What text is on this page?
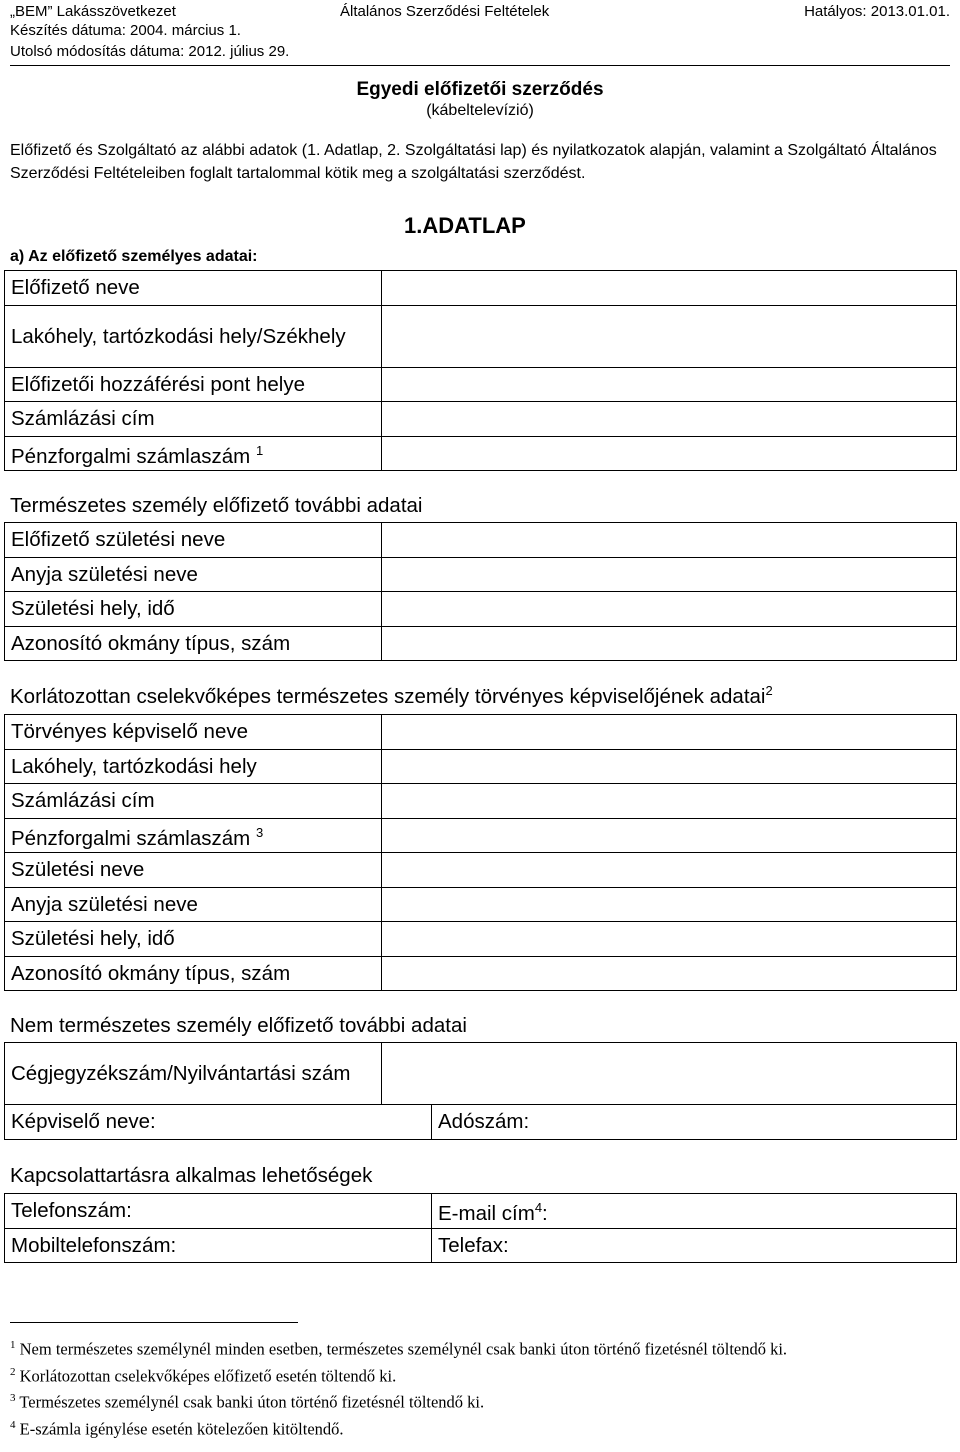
„BEM” Lakásszövetkezet	Általános Szerződési Feltételek	Hatályos: 2013.01.01.
Készítés dátuma: 2004. március 1.
Utolsó módosítás dátuma: 2012. július 29.
Egyedi előfizetői szerződés
(kábeltelevízió)
Előfizető és Szolgáltató az alábbi adatok (1. Adatlap, 2. Szolgáltatási lap) és nyilatkozatok alapján, valamint a Szolgáltató Általános Szerződési Feltételeiben foglalt tartalommal kötik meg a szolgáltatási szerződést.
1.ADATLAP
a) Az előfizető személyes adatai:
Előfizető neve	
Lakóhely, tartózkodási hely/Székhely	
Előfizetői hozzáférési pont helye	
Számlázási cím	
Pénzforgalmi számlaszám $^1$	
Természetes személy előfizető további adatai
Előfizető születési neve	
Anyja születési neve	
Születési hely, idő	
Azonosító okmány típus, szám	
Korlátozottan cselekvőképes természetes személy törvényes képviselőjének adatai$^2$
Törvényes képviselő neve	
Lakóhely, tartózkodási hely	
Számlázási cím	
Pénzforgalmi számlaszám $^3$	
Születési neve	
Anyja születési neve	
Születési hely, idő	
Azonosító okmány típus, szám	
Nem természetes személy előfizető további adatai
Cégjegyzékszám/Nyilvántartási szám		
Képviselő neve:		Adószám:
Kapcsolattartásra alkalmas lehetőségek
Telefonszám:	E-mail cím$^4$:
Mobiltelefonszám:	Telefax:

$^1$ Nem természetes személynél minden esetben, természetes személynél csak banki úton történő fizetésnél töltendő ki.

$^2$ Korlátozottan cselekvőképes előfizető esetén töltendő ki.

$^3$ Természetes személynél csak banki úton történő fizetésnél töltendő ki.

$^4$ E-számla igénylése esetén kötelezően kitöltendő.
